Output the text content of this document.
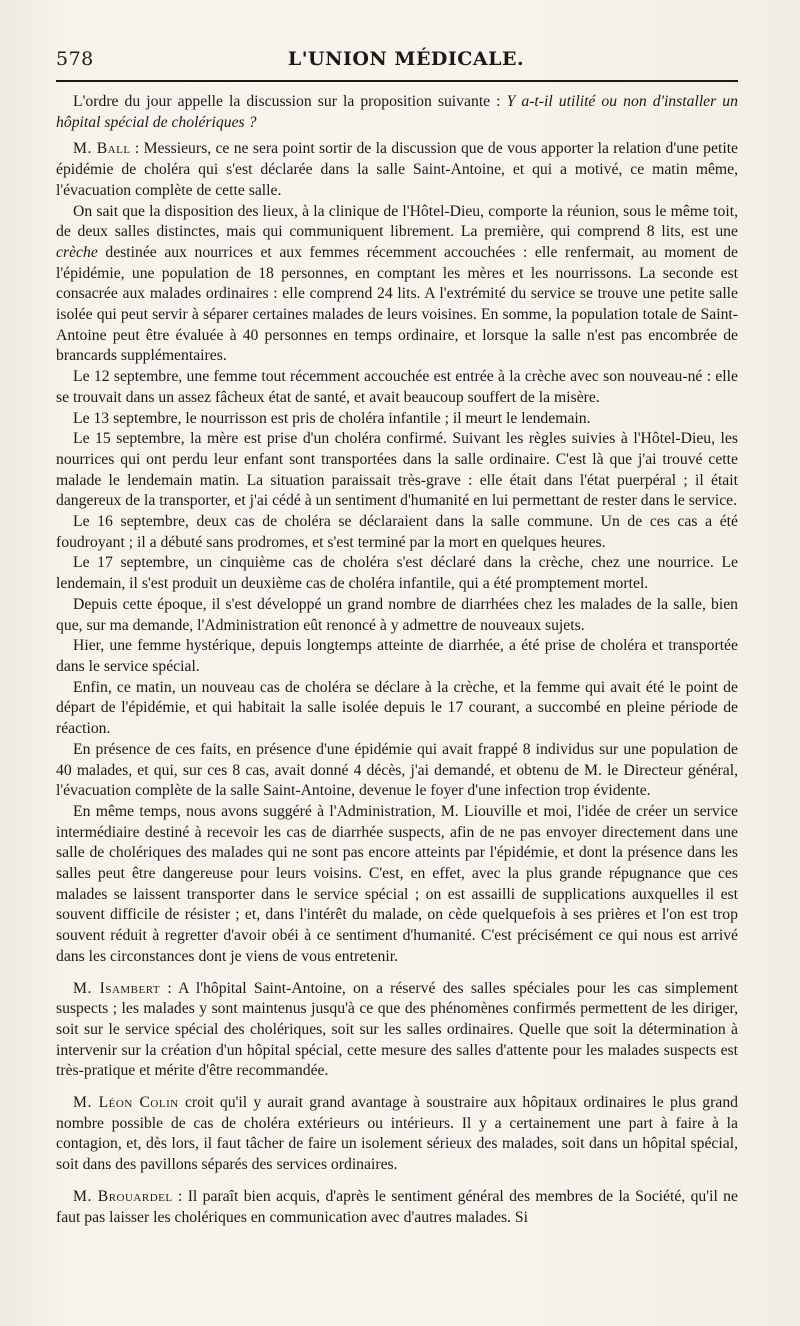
578	L'UNION MÉDICALE.

L'ordre du jour appelle la discussion sur la proposition suivante : Y a-t-il utilité ou non d'installer un hôpital spécial de cholériques ?

M. Ball : Messieurs, ce ne sera point sortir de la discussion que de vous apporter la relation d'une petite épidémie de choléra qui s'est déclarée dans la salle Saint-Antoine, et qui a motivé, ce matin même, l'évacuation complète de cette salle.

On sait que la disposition des lieux, à la clinique de l'Hôtel-Dieu, comporte la réunion, sous le même toit, de deux salles distinctes, mais qui communiquent librement. La première, qui comprend 8 lits, est une crèche destinée aux nourrices et aux femmes récemment accouchées : elle renfermait, au moment de l'épidémie, une population de 18 personnes, en comptant les mères et les nourrissons. La seconde est consacrée aux malades ordinaires : elle comprend 24 lits. A l'extrémité du service se trouve une petite salle isolée qui peut servir à séparer certaines malades de leurs voisines. En somme, la population totale de Saint-Antoine peut être évaluée à 40 personnes en temps ordinaire, et lorsque la salle n'est pas encombrée de brancards supplémentaires.

Le 12 septembre, une femme tout récemment accouchée est entrée à la crèche avec son nouveau-né : elle se trouvait dans un assez fâcheux état de santé, et avait beaucoup souffert de la misère.

Le 13 septembre, le nourrisson est pris de choléra infantile ; il meurt le lendemain.

Le 15 septembre, la mère est prise d'un choléra confirmé. Suivant les règles suivies à l'Hôtel-Dieu, les nourrices qui ont perdu leur enfant sont transportées dans la salle ordinaire. C'est là que j'ai trouvé cette malade le lendemain matin. La situation paraissait très-grave : elle était dans l'état puerpéral ; il était dangereux de la transporter, et j'ai cédé à un sentiment d'humanité en lui permettant de rester dans le service.

Le 16 septembre, deux cas de choléra se déclaraient dans la salle commune. Un de ces cas a été foudroyant ; il a débuté sans prodromes, et s'est terminé par la mort en quelques heures.

Le 17 septembre, un cinquième cas de choléra s'est déclaré dans la crèche, chez une nourrice. Le lendemain, il s'est produit un deuxième cas de choléra infantile, qui a été promptement mortel.

Depuis cette époque, il s'est développé un grand nombre de diarrhées chez les malades de la salle, bien que, sur ma demande, l'Administration eût renoncé à y admettre de nouveaux sujets.

Hier, une femme hystérique, depuis longtemps atteinte de diarrhée, a été prise de choléra et transportée dans le service spécial.

Enfin, ce matin, un nouveau cas de choléra se déclare à la crèche, et la femme qui avait été le point de départ de l'épidémie, et qui habitait la salle isolée depuis le 17 courant, a succombé en pleine période de réaction.

En présence de ces faits, en présence d'une épidémie qui avait frappé 8 individus sur une population de 40 malades, et qui, sur ces 8 cas, avait donné 4 décès, j'ai demandé, et obtenu de M. le Directeur général, l'évacuation complète de la salle Saint-Antoine, devenue le foyer d'une infection trop évidente.

En même temps, nous avons suggéré à l'Administration, M. Liouville et moi, l'idée de créer un service intermédiaire destiné à recevoir les cas de diarrhée suspects, afin de ne pas envoyer directement dans une salle de cholériques des malades qui ne sont pas encore atteints par l'épidémie, et dont la présence dans les salles peut être dangereuse pour leurs voisins. C'est, en effet, avec la plus grande répugnance que ces malades se laissent transporter dans le service spécial ; on est assailli de supplications auxquelles il est souvent difficile de résister ; et, dans l'intérêt du malade, on cède quelquefois à ses prières et l'on est trop souvent réduit à regretter d'avoir obéi à ce sentiment d'humanité. C'est précisément ce qui nous est arrivé dans les circonstances dont je viens de vous entretenir.

M. Isambert : A l'hôpital Saint-Antoine, on a réservé des salles spéciales pour les cas simplement suspects ; les malades y sont maintenus jusqu'à ce que des phénomènes confirmés permettent de les diriger, soit sur le service spécial des cholériques, soit sur les salles ordinaires. Quelle que soit la détermination à intervenir sur la création d'un hôpital spécial, cette mesure des salles d'attente pour les malades suspects est très-pratique et mérite d'être recommandée.

M. Léon Colin croit qu'il y aurait grand avantage à soustraire aux hôpitaux ordinaires le plus grand nombre possible de cas de choléra extérieurs ou intérieurs. Il y a certainement une part à faire à la contagion, et, dès lors, il faut tâcher de faire un isolement sérieux des malades, soit dans un hôpital spécial, soit dans des pavillons séparés des services ordinaires.

M. Brouardel : Il paraît bien acquis, d'après le sentiment général des membres de la Société, qu'il ne faut pas laisser les cholériques en communication avec d'autres malades. Si
